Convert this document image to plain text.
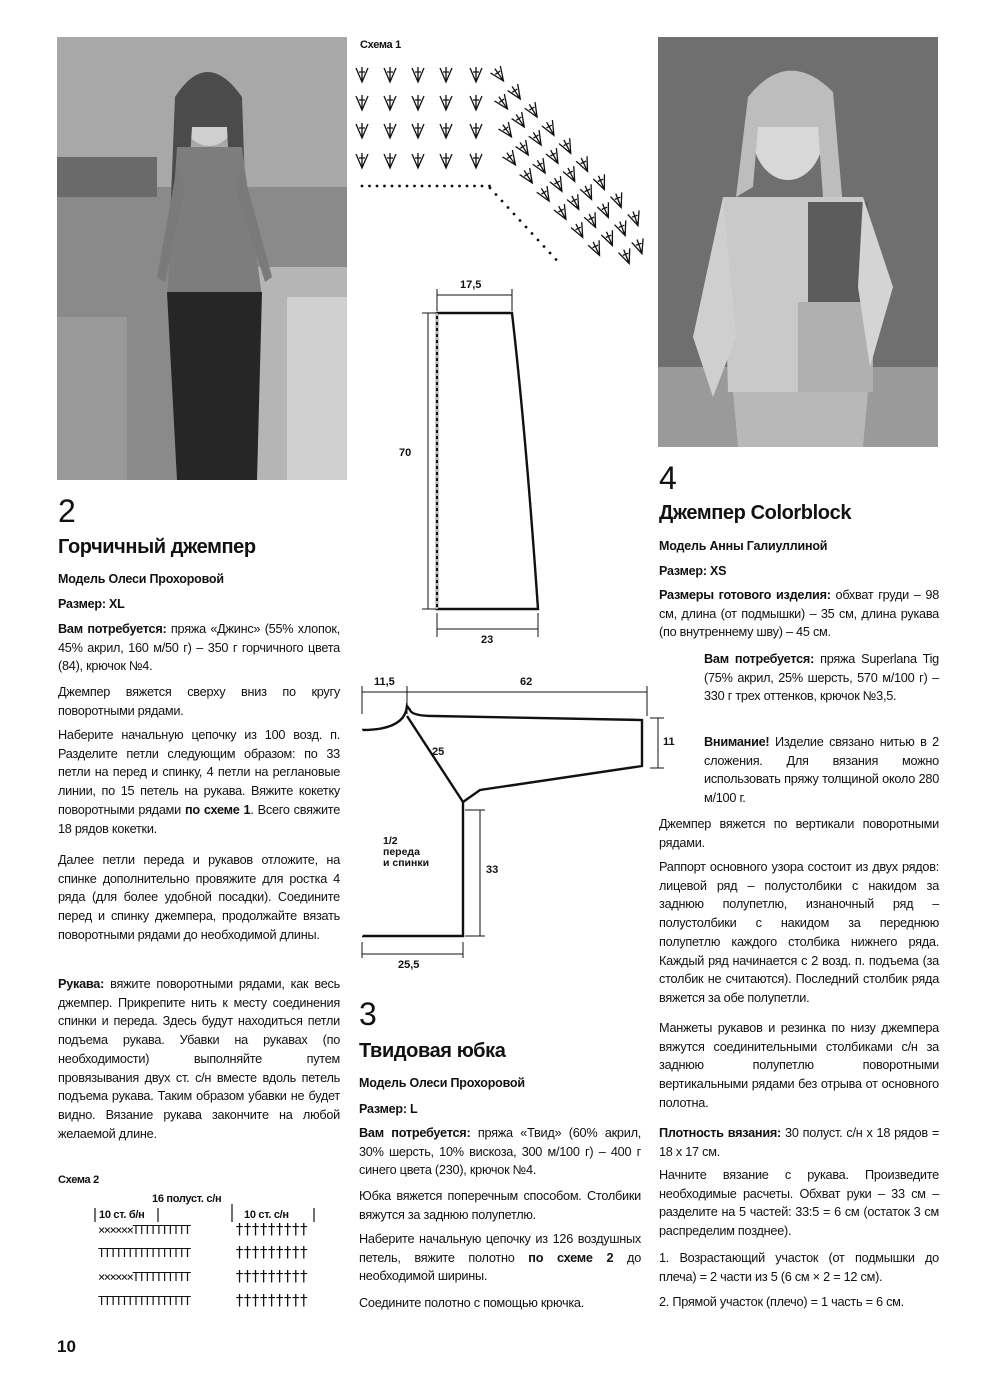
2
Горчичный джемпер
Модель Олеси Прохоровой
Размер: XL

Вам потребуется: пряжа «Джинс» (55% хлопок, 45% акрил, 160 м/50 г) – 350 г горчичного цвета (84), крючок №4.

Джемпер вяжется сверху вниз по кругу поворотными рядами.

Наберите начальную цепочку из 100 возд. п. Разделите петли следующим образом: по 33 петли на перед и спинку, 4 петли на реглановые линии, по 15 петель на рукава. Вяжите кокетку поворотными рядами по схеме 1. Всего свяжите 18 рядов кокетки.

Далее петли переда и рукавов отложите, на спинке дополнительно провяжите для ростка 4 ряда (для более удобной посадки). Соедините перед и спинку джемпера, продолжайте вязать поворотными рядами до необходимой длины.

Рукава: вяжите поворотными рядами, как весь джемпер. Прикрепите нить к месту соединения спинки и переда. Здесь будут находиться петли подъема рукава. Убавки на рукавах (по необходимости) выполняйте путем провязывания двух ст. с/н вместе вдоль петель подъема рукава. Таким образом убавки не будет видно. Вязание рукава закончите на любой желаемой длине.

Схема 2
16 полуст. с/н
10 ст. б/н	10 ст. с/н
××××××TTTTTTTTTT	†††††††††
TTTTTTTTTTTTTTTT	†††††††††
××××××TTTTTTTTTT	†††††††††
TTTTTTTTTTTTTTTT	†††††††††
10
Схема 1
17,5
70
23
11,5	62
11
25
33
25,5
1/2
переда
и спинки
3
Твидовая юбка
Модель Олеси Прохоровой
Размер: L

Вам потребуется: пряжа «Твид» (60% акрил, 30% шерсть, 10% вискоза, 300 м/100 г) – 400 г синего цвета (230), крючок №4.

Юбка вяжется поперечным способом. Столбики вяжутся за заднюю полупетлю.

Наберите начальную цепочку из 126 воздушных петель, вяжите полотно по схеме 2 до необходимой ширины.

Соедините полотно с помощью крючка.

4
Джемпер Colorblock
Модель Анны Галиуллиной
Размер: XS

Размеры готового изделия: обхват груди – 98 см, длина (от подмышки) – 35 см, длина рукава (по внутреннему шву) – 45 см.

Вам потребуется: пряжа Superlana Tig (75% акрил, 25% шерсть, 570 м/100 г) – 330 г трех оттенков, крючок №3,5.

Внимание! Изделие связано нитью в 2 сложения. Для вязания можно использовать пряжу толщиной около 280 м/100 г.

Джемпер вяжется по вертикали поворотными рядами.

Раппорт основного узора состоит из двух рядов: лицевой ряд – полустолбики с накидом за заднюю полупетлю, изнаночный ряд – полустолбики с накидом за переднюю полупетлю каждого столбика нижнего ряда. Каждый ряд начинается с 2 возд. п. подъема (за столбик не считаются). Последний столбик ряда вяжется за обе полупетли.

Манжеты рукавов и резинка по низу джемпера вяжутся соединительными столбиками с/н за заднюю полупетлю поворотными вертикальными рядами без отрыва от основного полотна.

Плотность вязания: 30 полуст. с/н х 18 рядов = 18 х 17 см.

Начните вязание с рукава. Произведите необходимые расчеты. Обхват руки – 33 см – разделите на 5 частей: 33:5 = 6 см (остаток 3 см распределим позднее).

1. Возрастающий участок (от подмышки до плеча) = 2 части из 5 (6 см × 2 = 12 см).

2. Прямой участок (плечо) = 1 часть = 6 см.
